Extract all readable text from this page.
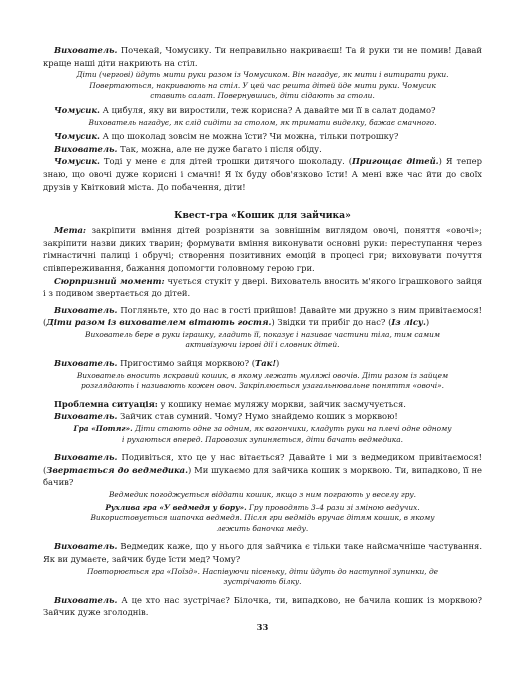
Вихователь. Почекай, Чомусику. Ти неправильно накриваєш! Та й руки ти не помив! Давай краще наші діти накриють на стіл.

Діти (черговi) йдуть мити руки разом із Чомусиком. Він нагадує, як мити і витирати руки. Повертаються, накривають на стіл. У цей час решта дітей йде мити руки. Чомусик ставить салат. Повернувшись, діти сідають за столи.

Чомусик. А цибуля, яку ви виростили, теж корисна? А давайте ми її в салат додамо?

Вихователь нагадує, як слід сидіти за столом, як тримати виделку, бажає смачного.

Чомусик. А що шоколад зовсім не можна їсти? Чи можна, тільки потрошку?

Вихователь. Так, можна, але не дуже багато і після обіду.

Чомусик. Тоді у мене є для дітей трошки дитячого шоколаду. (Пригощає дітей.) Я тепер знаю, що овочі дуже корисні і смачні! Я їх буду обов'язково їсти! А мені вже час йти до своїх друзів у Квітковий міста. До побачення, діти!

Квест-гра «Кошик для зайчика»

Мета: закріпити вміння дітей розрізняти за зовнішнім виглядом овочі, поняття «овочі»; закріпити назви диких тварин; формувати вміння виконувати основні руки: переступання через гімнастичні палиці і обручі; створення позитивних емоцій в процесі гри; виховувати почуття співпереживання, бажання допомогти головному герою гри.

Сюрпризний момент: чується стукіт у двері. Вихователь вносить м'якого іграшкового зайця і з подивом звертається до дітей.

Вихователь. Погляньте, хто до нас в гості прийшов! Давайте ми дружно з ним привітаємося! (Діти разом із вихователем вітають гостя.) Звідки ти прибіг до нас? (Із лісу.)

Вихователь бере в руки іграшку, гладить її, показує і називає частини тіла, тим самим активізуючи ігрові дії і словник дітей.

Вихователь. Пригостимо зайця морквою? (Так!)

Вихователь вносить яскравий кошик, в якому лежать муляжі овочів. Діти разом із зайцем розглядають і називають кожен овоч. Закріплюється узагальнювальне поняття «овочі».

Проблемна ситуація: у кошику немає муляжу моркви, зайчик засмучується.

Вихователь. Зайчик став сумний. Чому? Нумо знайдемо кошик з морквою!

Гра «Потяг». Діти стають одне за одним, як вагончики, кладуть руки на плечі одне одному і рухаються вперед. Паровозик зупиняється, діти бачать ведмедика.

Вихователь. Подивіться, хто це у нас вітається? Давайте і ми з ведмедиком привітаємося! (Звертається до ведмедика.) Ми шукаємо для зайчика кошик з морквою. Ти, випадково, її не бачив?

Ведмедик погоджується віддати кошик, якщо з ним пограють у веселу гру.

Рухлива гра «У ведмедя у бору». Гру проводять 3–4 рази зі зміною ведучих. Використовується шапочка ведмедя. Після гри ведмідь вручає дітям кошик, в якому лежить баночка меду.

Вихователь. Ведмедик каже, що у нього для зайчика є тільки таке найсмачніше частування. Як ви думаєте, зайчик буде їсти мед? Чому?

Повторюється гра «Поїзд». Наспівуючи пісеньку, діти йдуть до наступної зупинки, де зустрічають білку.

Вихователь. А це хто нас зустрічає? Білочка, ти, випадково, не бачила кошик із морквою? Зайчик дуже зголоднів.

33
